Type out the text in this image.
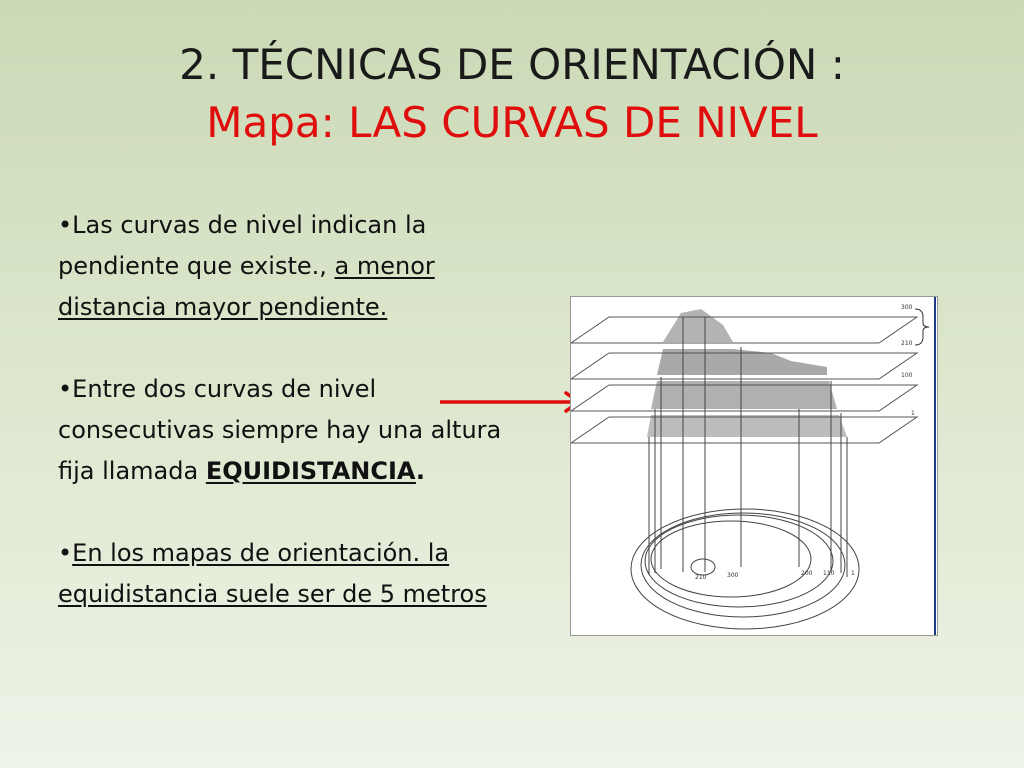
2. TÉCNICAS DE ORIENTACIÓN :
Mapa: LAS CURVAS DE NIVEL
•Las curvas de nivel indican la pendiente que existe., a menor distancia mayor pendiente.
•Entre dos curvas de nivel consecutivas siempre hay una altura fija llamada EQUIDISTANCIA.
•En los mapas de orientación. la equidistancia suele ser de 5 metros
300
210
100
1
210	300	200 110	1
